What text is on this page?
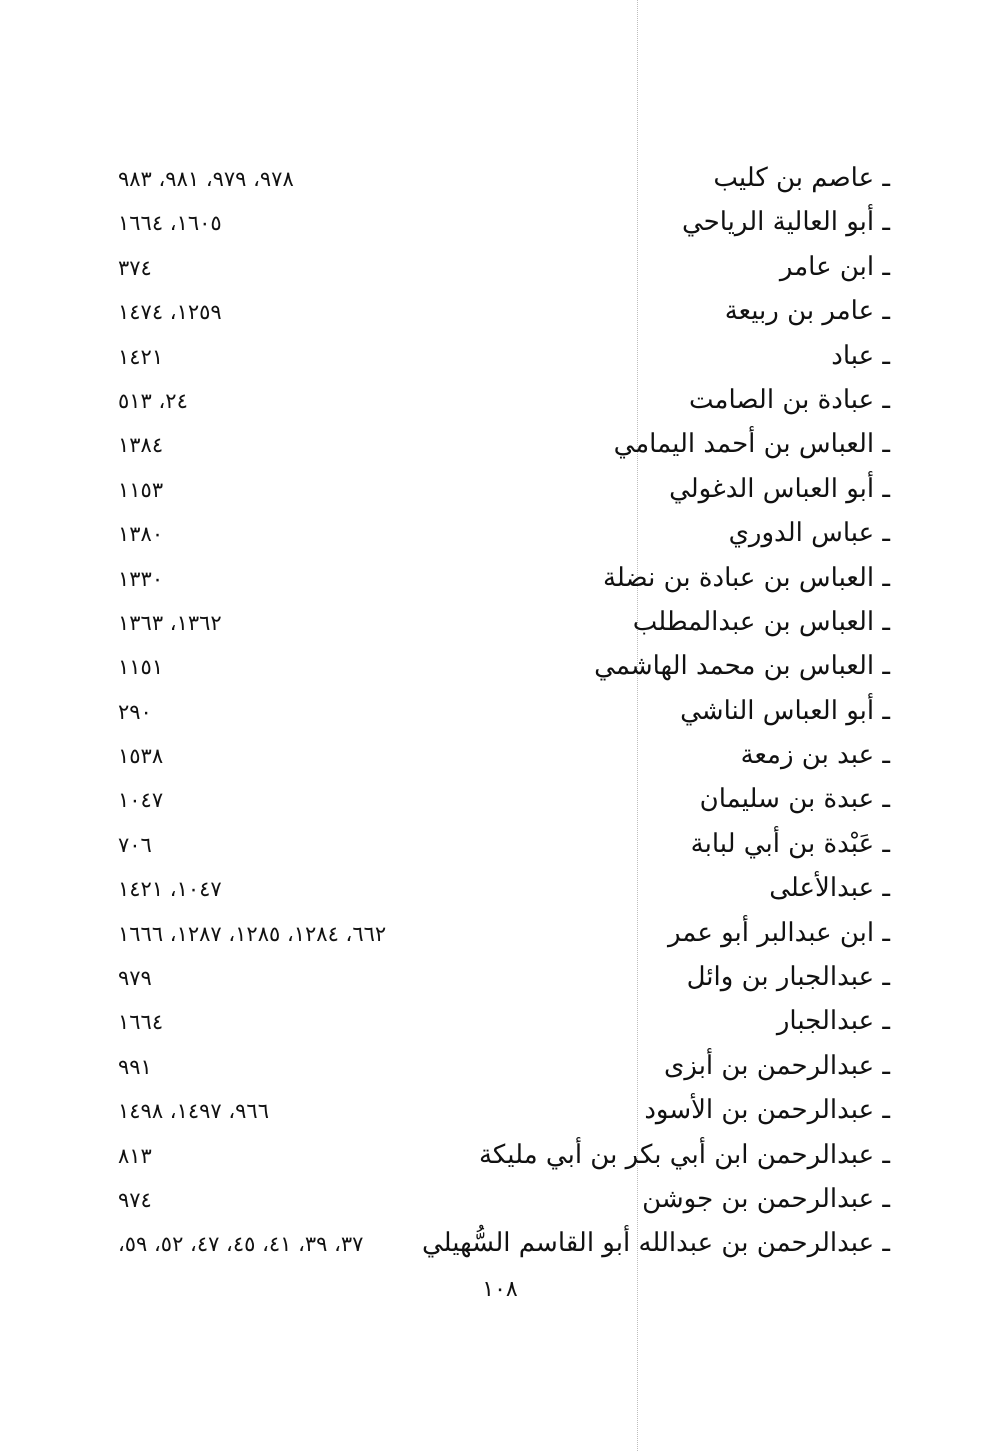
ـ عاصم بن كليب
٩٧٨، ٩٧٩، ٩٨١، ٩٨٣
ـ أبو العالية الرياحي
١٦٠٥، ١٦٦٤
ـ ابن عامر
٣٧٤
ـ عامر بن ربيعة
١٢٥٩، ١٤٧٤
ـ عباد
١٤٢١
ـ عبادة بن الصامت
٢٤، ٥١٣
ـ العباس بن أحمد اليمامي
١٣٨٤
ـ أبو العباس الدغولي
١١٥٣
ـ عباس الدوري
١٣٨٠
ـ العباس بن عبادة بن نضلة
١٣٣٠
ـ العباس بن عبدالمطلب
١٣٦٢، ١٣٦٣
ـ العباس بن محمد الهاشمي
١١٥١
ـ أبو العباس الناشي
٢٩٠
ـ عبد بن زمعة
١٥٣٨
ـ عبدة بن سليمان
١٠٤٧
ـ عَبْدة بن أبي لبابة
٧٠٦
ـ عبدالأعلى
١٠٤٧، ١٤٢١
ـ ابن عبدالبر أبو عمر
٦٦٢، ١٢٨٤، ١٢٨٥، ١٢٨٧، ١٦٦٦
ـ عبدالجبار بن وائل
٩٧٩
ـ عبدالجبار
١٦٦٤
ـ عبدالرحمن بن أبزى
٩٩١
ـ عبدالرحمن بن الأسود
٩٦٦، ١٤٩٧، ١٤٩٨
ـ عبدالرحمن ابن أبي بكر بن أبي مليكة
٨١٣
ـ عبدالرحمن بن جوشن
٩٧٤
ـ عبدالرحمن بن عبدالله أبو القاسم السُّهيلي
٣٧، ٣٩، ٤١، ٤٥، ٤٧، ٥٢، ٥٩،
١٠٨
